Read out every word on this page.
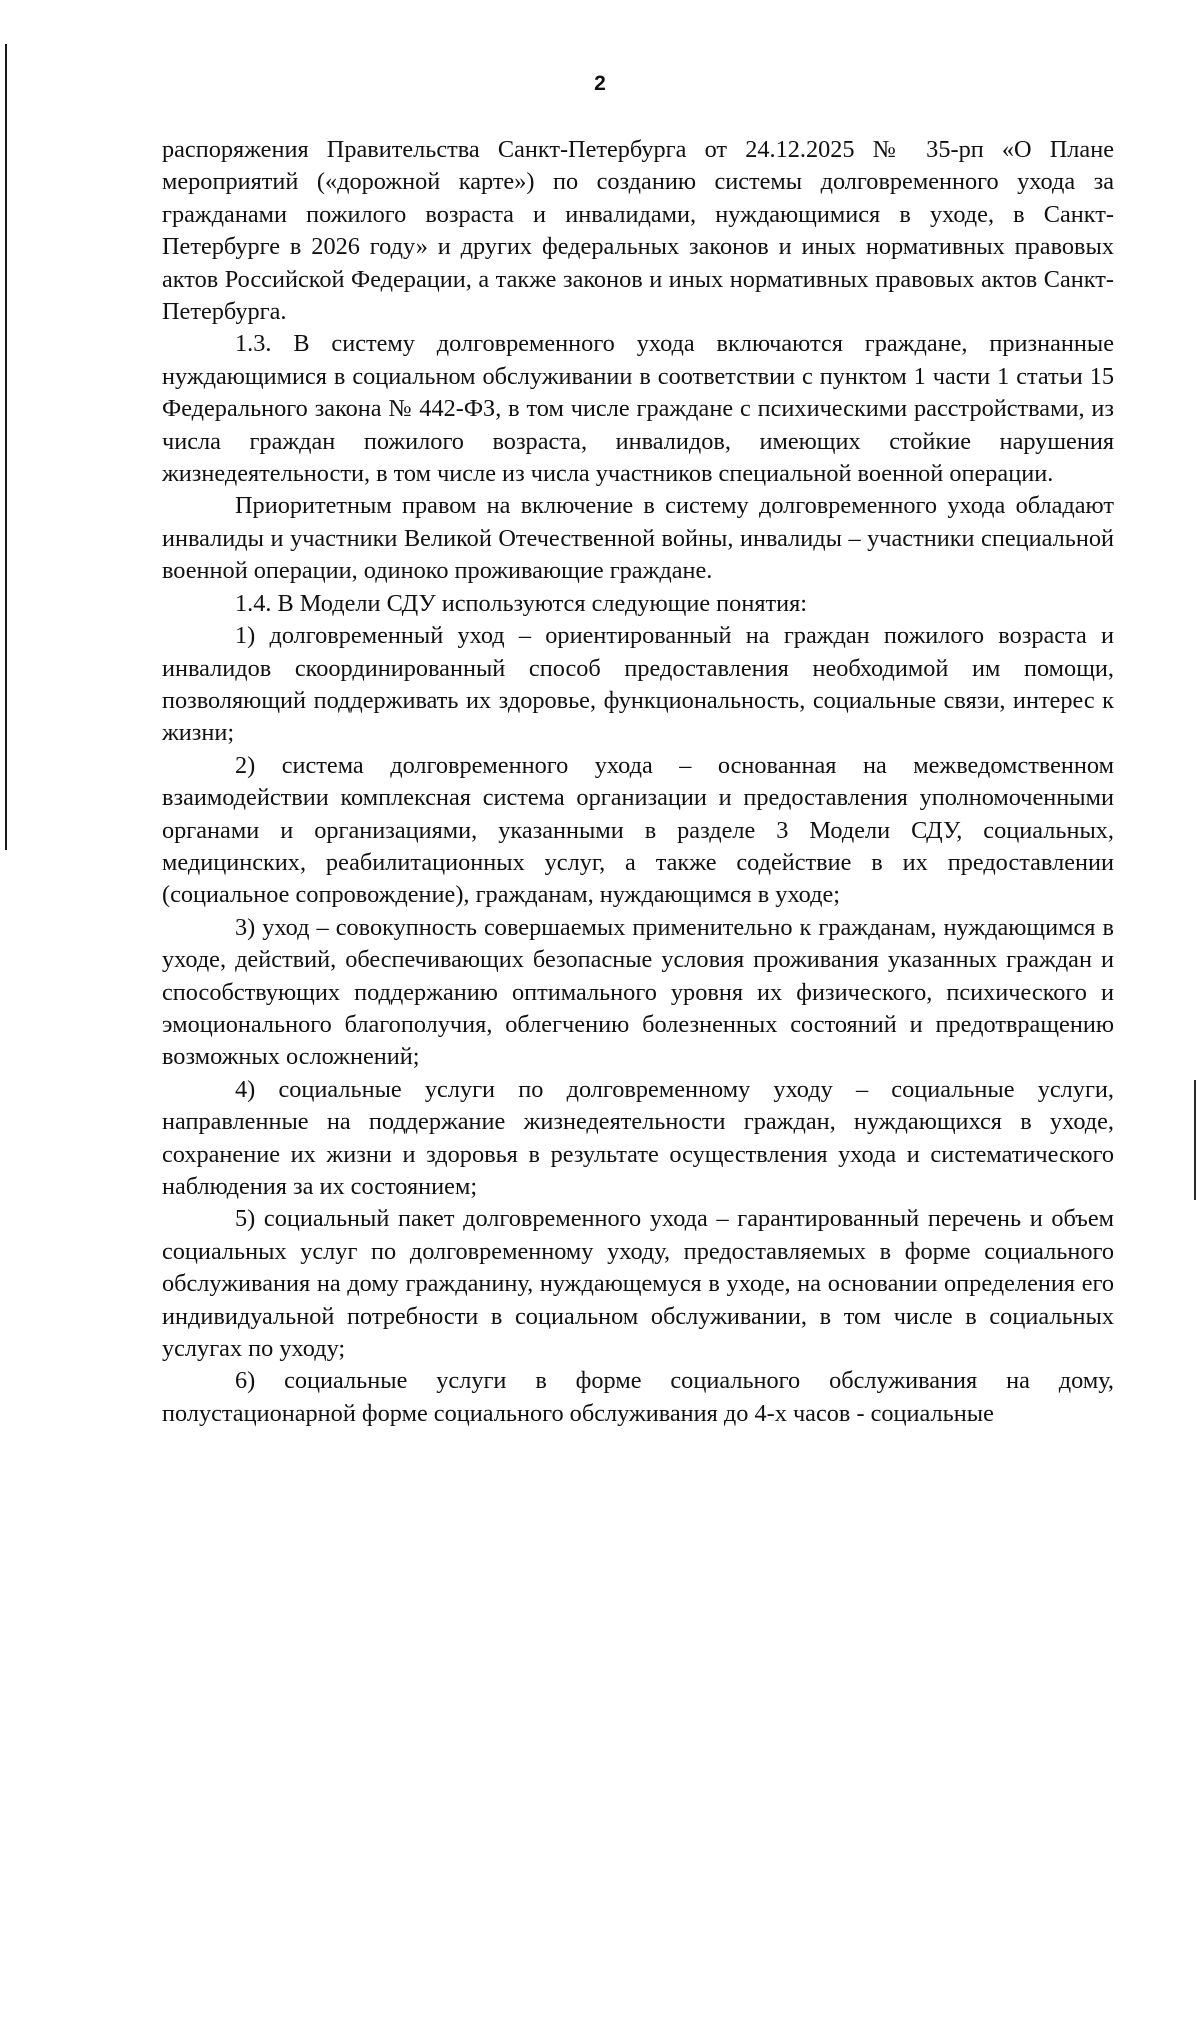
2

распоряжения Правительства Санкт-Петербурга от 24.12.2025 № 35-рп «О Плане мероприятий («дорожной карте») по созданию системы долговременного ухода за гражданами пожилого возраста и инвалидами, нуждающимися в уходе, в Санкт-Петербурге в 2026 году» и других федеральных законов и иных нормативных правовых актов Российской Федерации, а также законов и иных нормативных правовых актов Санкт-Петербурга.

1.3. В систему долговременного ухода включаются граждане, признанные нуждающимися в социальном обслуживании в соответствии с пунктом 1 части 1 статьи 15 Федерального закона № 442-ФЗ, в том числе граждане с психическими расстройствами, из числа граждан пожилого возраста, инвалидов, имеющих стойкие нарушения жизнедеятельности, в том числе из числа участников специальной военной операции.

Приоритетным правом на включение в систему долговременного ухода обладают инвалиды и участники Великой Отечественной войны, инвалиды – участники специальной военной операции, одиноко проживающие граждане.

1.4. В Модели СДУ используются следующие понятия:

1) долговременный уход – ориентированный на граждан пожилого возраста и инвалидов скоординированный способ предоставления необходимой им помощи, позволяющий поддерживать их здоровье, функциональность, социальные связи, интерес к жизни;

2) система долговременного ухода – основанная на межведомственном взаимодействии комплексная система организации и предоставления уполномоченными органами и организациями, указанными в разделе 3 Модели СДУ, социальных, медицинских, реабилитационных услуг, а также содействие в их предоставлении (социальное сопровождение), гражданам, нуждающимся в уходе;

3) уход – совокупность совершаемых применительно к гражданам, нуждающимся в уходе, действий, обеспечивающих безопасные условия проживания указанных граждан и способствующих поддержанию оптимального уровня их физического, психического и эмоционального благополучия, облегчению болезненных состояний и предотвращению возможных осложнений;

4) социальные услуги по долговременному уходу – социальные услуги, направленные на поддержание жизнедеятельности граждан, нуждающихся в уходе, сохранение их жизни и здоровья в результате осуществления ухода и систематического наблюдения за их состоянием;

5) социальный пакет долговременного ухода – гарантированный перечень и объем социальных услуг по долговременному уходу, предоставляемых в форме социального обслуживания на дому гражданину, нуждающемуся в уходе, на основании определения его индивидуальной потребности в социальном обслуживании, в том числе в социальных услугах по уходу;

6) социальные услуги в форме социального обслуживания на дому, полустационарной форме социального обслуживания до 4-х часов - социальные
